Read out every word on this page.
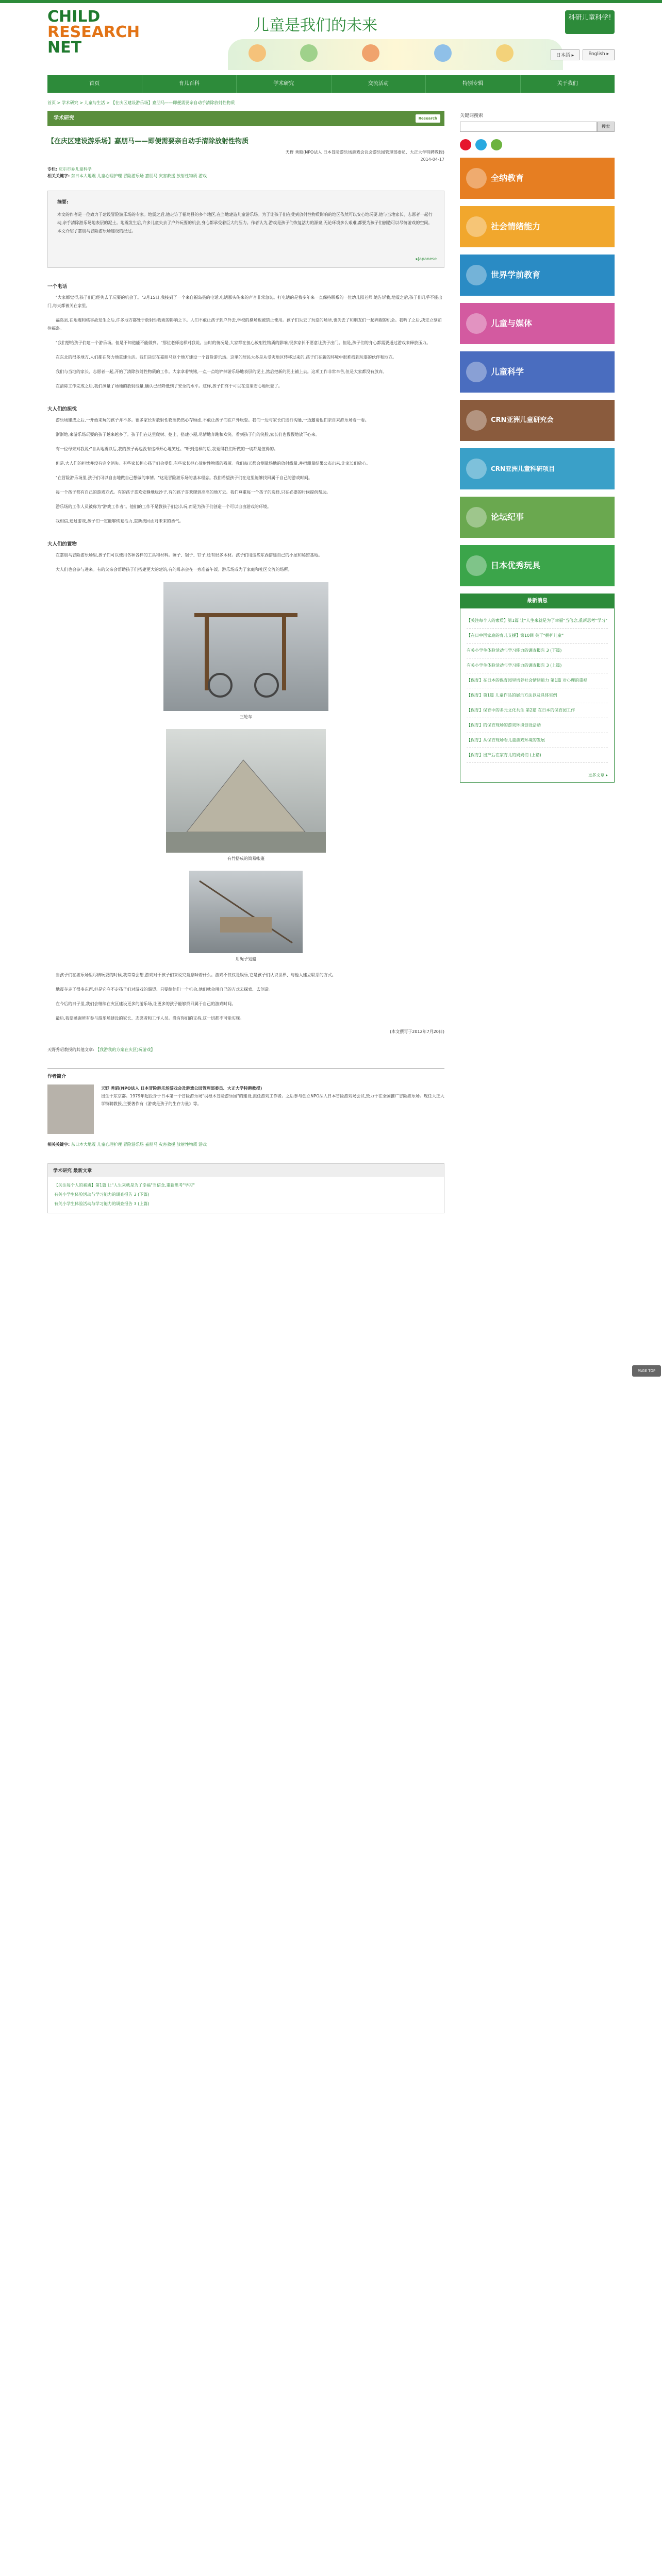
CHILD
RESEARCH
NET
儿童是我们的未来	科研儿童科学!
日本語 ▸	English ▸
首页	育儿百科	学术研究	交流活动	特别专辑	关于我们
首页 > 学术研究 > 儿童与生活 > 【在庆区建设游乐场】嘉朋马——即便需要亲自动手清除放射性物质
学术研究	Research
【在庆区建设游乐场】嘉朋马——即便需要亲自动手清除放射性物质
天野 秀昭(NPO法人 日本冒险游乐场游戏会议会游乐园管理部委员、大正大学特聘教授)
2014-04-17
专栏: 庆尔市乔儿童科学
相关关键字: 东日本大地震 儿童心理护理 冒险游乐场 嘉朋马 灾害救援 放射性物质 游戏
摘要:
本文的作者是一位致力于建设冒险游乐场的专家。地震之后,他走访了福岛县的多个地区,在当地建造儿童游乐场。为了让孩子们在受到放射性物质影响的地区依然可以安心地玩耍,他与当地家长、志愿者一起行动,亲手清除游乐场地表层的泥土。地震发生后,许多儿童失去了户外玩耍的机会,身心都承受着巨大的压力。作者认为,游戏是孩子们恢复活力的源泉,无论环境多么艰难,都要为孩子们创造可以尽情游戏的空间。本文介绍了嘉朋马冒险游乐场建设的经过。
▸Japanese
一个电话

"大家都觉得,孩子们已经失去了玩耍的机会了。"3月15日,我接到了一个来自福岛县的电话,电话那头传来的声音非常急切。打电话的是我多年来一直保持联系的一位幼儿园老师,她告诉我,地震之后,孩子们几乎不能出门,每天都被关在家里。

福岛县,在地震和核事故发生之后,许多地方都处于放射性物质的影响之下。人们不敢让孩子到户外去,学校的操场也被禁止使用。孩子们失去了玩耍的场所,也失去了和朋友们一起奔跑的机会。我听了之后,决定立刻前往福岛。

"我们想给孩子们建一个游乐场。但是不知道能不能做到。"那位老师这样对我说。当时的情况是,大家都在担心放射性物质的影响,很多家长不愿意让孩子出门。但是,孩子们的身心都需要通过游戏来释放压力。

在东北的很多地方,人们都在努力地重建生活。我们决定在嘉朋马这个地方建设一个冒险游乐场。这里的居民大多是从受灾地区转移过来的,孩子们在新的环境中很难找到玩耍的伙伴和地方。

我们与当地的家长、志愿者一起,开始了清除放射性物质的工作。大家拿着铁锹,一点一点地铲掉游乐场地表层的泥土,然后把新的泥土铺上去。这项工作非常辛苦,但是大家都没有放弃。

在清除工作完成之后,我们测量了场地的放射线量,确认已经降低到了安全的水平。这样,孩子们终于可以在这里安心地玩耍了。

大人们的担忧

游乐场建成之后,一开始来玩的孩子并不多。很多家长对放射性物质仍然心存顾虑,不敢让孩子们在户外玩耍。我们一边与家长们进行沟通,一边邀请他们亲自来游乐场看一看。

渐渐地,来游乐场玩耍的孩子越来越多了。孩子们在这里爬树、挖土、搭建小屋,尽情地奔跑和欢笑。看到孩子们的笑脸,家长们也慢慢地放下心来。

有一位母亲对我说:"自从地震以后,我的孩子再也没有这样开心地笑过。"听到这样的话,我觉得我们所做的一切都是值得的。

但是,大人们的担忧并没有完全消失。有些家长担心孩子们会受伤,有些家长担心放射性物质的残留。我们每天都会测量场地的放射线量,并把测量结果公布出来,让家长们放心。

"在冒险游乐场里,孩子们可以自由地做自己想做的事情。"这是冒险游乐场的基本理念。我们希望孩子们在这里能够找回属于自己的游戏时间。

每一个孩子都有自己的游戏方式。有的孩子喜欢安静地玩沙子,有的孩子喜欢爬到高高的地方去。我们尊重每一个孩子的选择,只在必要的时候提供帮助。

游乐场的工作人员被称为"游戏工作者"。他们的工作不是教孩子们怎么玩,而是为孩子们创造一个可以自由游戏的环境。

我相信,通过游戏,孩子们一定能够恢复活力,重新找回面对未来的勇气。

大人们的置物

在嘉朋马冒险游乐场里,孩子们可以使用各种各样的工具和材料。锤子、锯子、钉子,还有很多木材。孩子们用这些东西搭建自己的小屋和秘密基地。

大人们也会参与进来。有的父亲会帮助孩子们搭建更大的建筑,有的母亲会在一旁准备午饭。游乐场成为了家庭和社区交流的场所。

三轮车
有竹搭成的简易帐篷
用绳子划船

当孩子们在游乐场里尽情玩耍的时候,我常常会想,游戏对于孩子们来说究竟意味着什么。游戏不仅仅是娱乐,它是孩子们认识世界、与他人建立联系的方式。

地震夺走了很多东西,但是它夺不走孩子们对游戏的渴望。只要给他们一个机会,他们就会用自己的方式去探索、去创造。

在今后的日子里,我们会继续在灾区建设更多的游乐场,让更多的孩子能够找回属于自己的游戏时间。

最后,我要感谢所有参与游乐场建设的家长、志愿者和工作人员。没有你们的支持,这一切都不可能实现。

(本文撰写于2012年7月20日)
天野秀昭教授的其他文章: 【我游我的方案在庆区]玩游戏】
作者简介
天野 秀昭(NPO法人 日本冒险游乐场游戏会及游戏公园管理部委员、大正大学特聘教授)
出生于东京都。1979年起投身于日本第一个冒险游乐场"羽根木冒险游乐园"的建设,担任游戏工作者。之后参与创立NPO法人日本冒险游戏场会议,致力于在全国推广冒险游乐场。现任大正大学特聘教授,主要著作有《游戏是孩子的生存力量》等。
相关关键字: 东日本大地震 儿童心理护理 冒险游乐场 嘉朋马 灾害救援 放射性物质 游戏
学术研究 最新文章
【关注每个人的素质】第1篇 让"人生来就是为了幸福"当信念,重新思考"学习"
有关小学生体验活动与学习能力的调查报告 3 (下篇)
有关小学生体验活动与学习能力的调查报告 3 (上篇)
关键词搜索
搜索
全纳教育
社会情绪能力
世界学前教育
儿童与媒体
儿童科学
CRN亚洲儿童研究会
CRN亚洲儿童科研项目
论坛纪事
日本优秀玩具
最新消息
【关注每个人的素质】第1篇 让"人生来就是为了幸福"当信念,重新思考"学习"
【在日中国家庭的育儿支援】第10回 关于"拥护儿童"
有关小学生体验活动与学习能力的调查报告 3 (下篇)
有关小学生体验活动与学习能力的调查报告 3 (上篇)
【保育】在日本的保育园里培养社会情绪能力 第1篇 对心理的重视
【保育】第1篇 儿童作品的展示方法以及具体实例
【保育】保育中的多元文化共生 第2篇 在日本的保育园工作
【保育】的保育现场的游戏环境创设活动
【保育】从保育现场看儿童游戏环境的发展
【保育】出产后在家育儿的妈妈们 (上篇)
更多文章 ▸
PAGE TOP
